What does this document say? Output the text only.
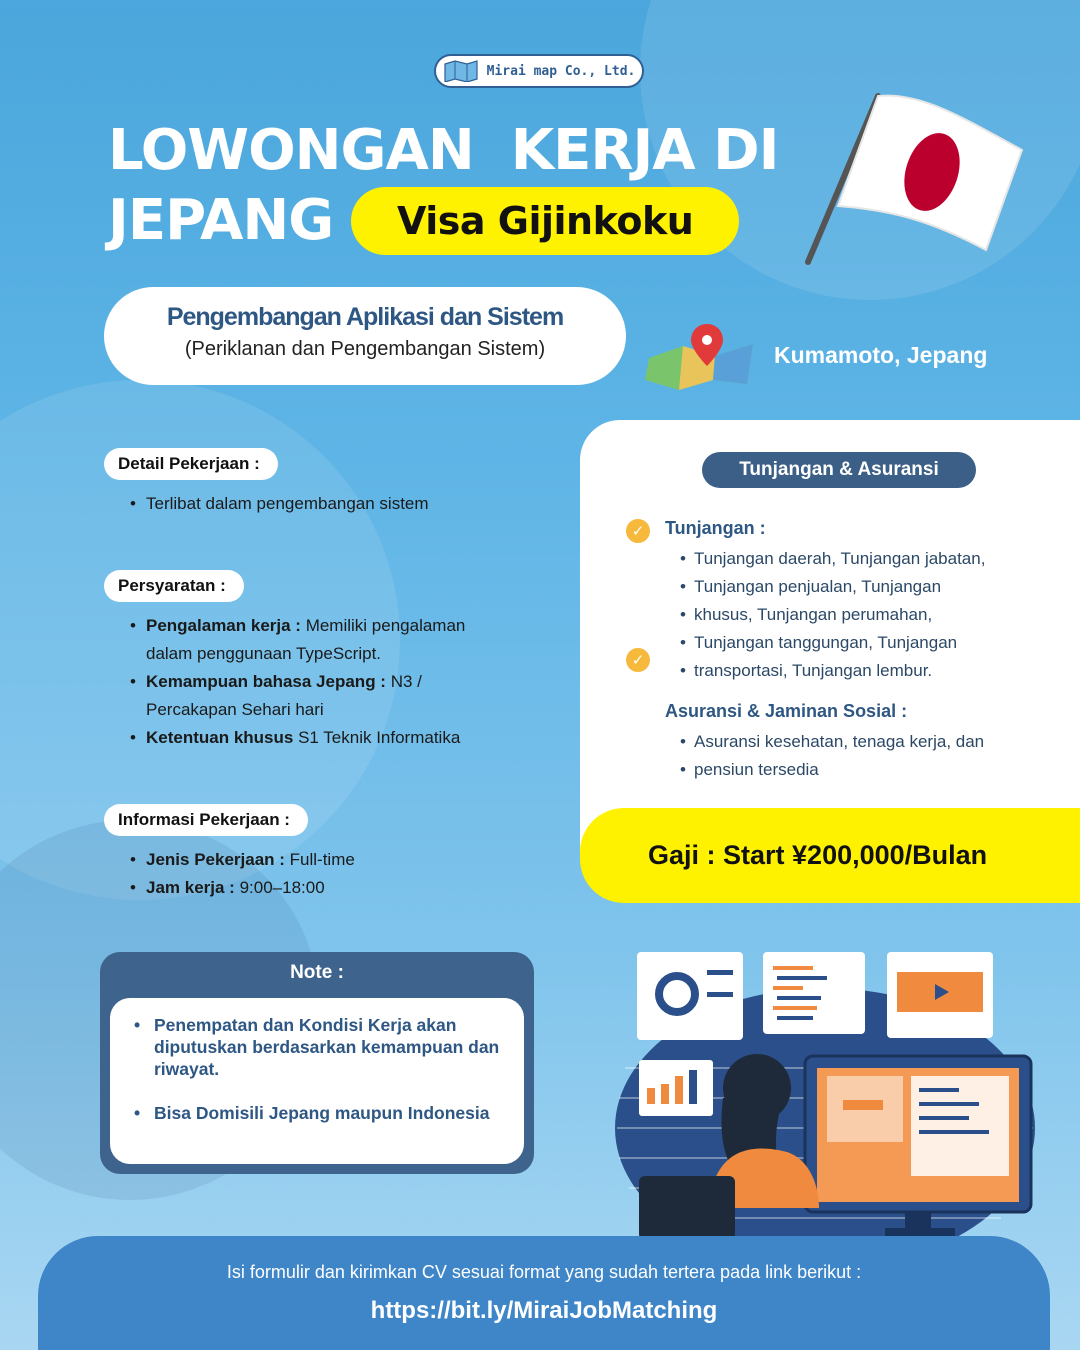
Mirai map Co., Ltd.
LOWONGAN  KERJA DI
JEPANG	Visa Gijinkoku
Pengembangan Aplikasi dan Sistem
(Periklanan dan Pengembangan Sistem)	Kumamoto, Jepang
Detail Pekerjaan :
• Terlibat dalam pengembangan sistem
Persyaratan :
• Pengalaman kerja : Memiliki pengalaman
dalam penggunaan TypeScript.
• Kemampuan bahasa Jepang : N3 /
Percakapan Sehari hari
• Ketentuan khusus S1 Teknik Informatika
Informasi Pekerjaan :
• Jenis Pekerjaan : Full-time
• Jam kerja : 9:00–18:00
Tunjangan & Asuransi
✓	Tunjangan :
• Tunjangan daerah, Tunjangan jabatan,
• Tunjangan penjualan, Tunjangan
• khusus, Tunjangan perumahan,
• Tunjangan tanggungan, Tunjangan
• transportasi, Tunjangan lembur.
✓
Asuransi & Jaminan Sosial :
• Asuransi kesehatan, tenaga kerja, dan
• pensiun tersedia
Gaji : Start ¥200,000/Bulan
Note :
• Penempatan dan Kondisi Kerja akan diputuskan berdasarkan kemampuan dan riwayat.
• Bisa Domisili Jepang maupun Indonesia
Isi formulir dan kirimkan CV sesuai format yang sudah tertera pada link berikut :
https://bit.ly/MiraiJobMatching
